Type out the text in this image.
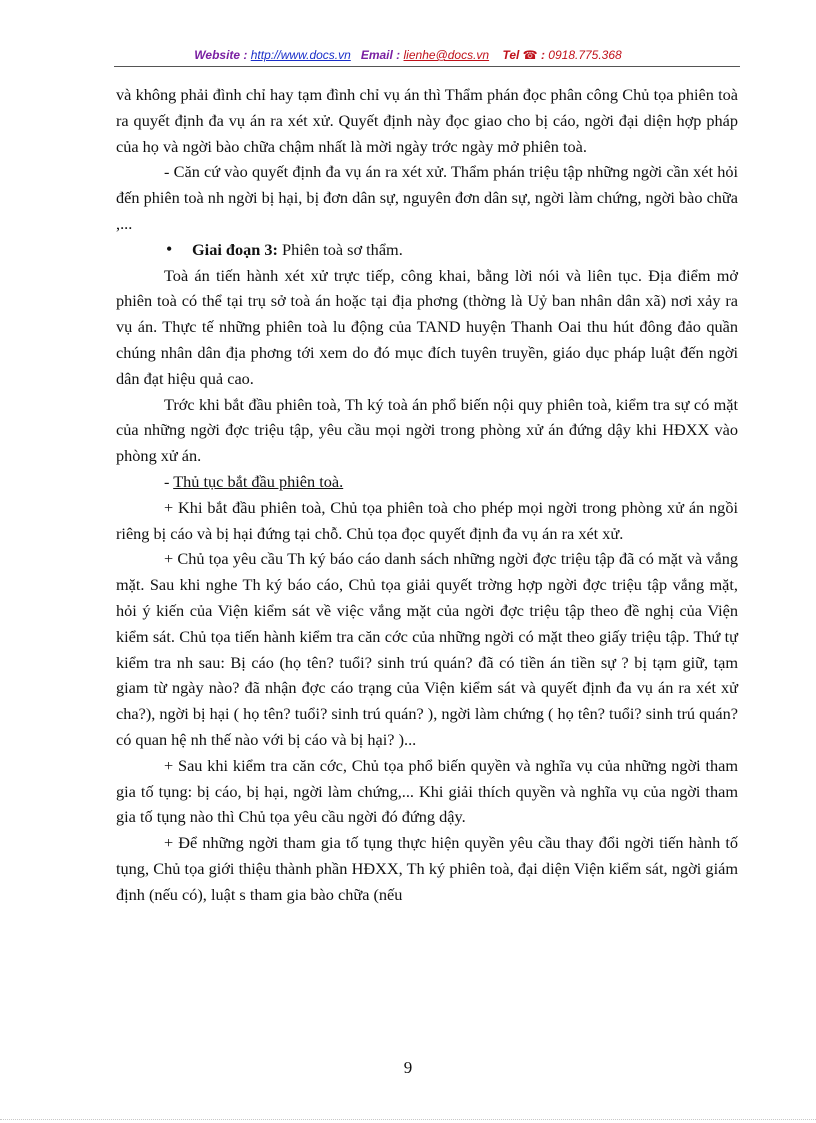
Website : http://www.docs.vn Email : lienhe@docs.vn Tel ☎ : 0918.775.368

và không phải đình chỉ hay tạm đình chỉ vụ án thì Thẩm phán đọc phân công Chủ tọa phiên toà ra quyết định đa vụ án ra xét xử. Quyết định này đọc giao cho bị cáo, ngời đại diện hợp pháp của họ và ngời bào chữa chậm nhất là mời ngày trớc ngày mở phiên toà.

- Căn cứ vào quyết định đa vụ án ra xét xử. Thẩm phán triệu tập những ngời cần xét hỏi đến phiên toà nh ngời bị hại, bị đơn dân sự, nguyên đơn dân sự, ngời làm chứng, ngời bào chữa ,...

• Giai đoạn 3: Phiên toà sơ thẩm.

Toà án tiến hành xét xử trực tiếp, công khai, bằng lời nói và liên tục. Địa điểm mở phiên toà có thể tại trụ sở toà án hoặc tại địa phơng (thờng là Uỷ ban nhân dân xã) nơi xảy ra vụ án. Thực tế những phiên toà lu động của TAND huyện Thanh Oai thu hút đông đảo quần chúng nhân dân địa phơng tới xem do đó mục đích tuyên truyền, giáo dục pháp luật đến ngời dân đạt hiệu quả cao.

Trớc khi bắt đầu phiên toà, Th ký toà án phổ biến nội quy phiên toà, kiểm tra sự có mặt của những ngời đợc triệu tập, yêu cầu mọi ngời trong phòng xử án đứng dậy khi HĐXX vào phòng xử án.

- Thủ tục bắt đầu phiên toà.

+ Khi bắt đầu phiên toà, Chủ tọa phiên toà cho phép mọi ngời trong phòng xử án ngồi riêng bị cáo và bị hại đứng tại chỗ. Chủ tọa đọc quyết định đa vụ án ra xét xử.

+ Chủ tọa yêu cầu Th ký báo cáo danh sách những ngời đợc triệu tập đã có mặt và vắng mặt. Sau khi nghe Th ký báo cáo, Chủ tọa giải quyết trờng hợp ngời đợc triệu tập vắng mặt, hỏi ý kiến của Viện kiểm sát về việc vắng mặt của ngời đợc triệu tập theo đề nghị của Viện kiểm sát. Chủ tọa tiến hành kiểm tra căn cớc của những ngời có mặt theo giấy triệu tập. Thứ tự kiểm tra nh sau: Bị cáo (họ tên? tuổi? sinh trú quán? đã có tiền án tiền sự ? bị tạm giữ, tạm giam từ ngày nào? đã nhận đợc cáo trạng của Viện kiểm sát và quyết định đa vụ án ra xét xử cha?), ngời bị hại ( họ tên? tuổi? sinh trú quán? ), ngời làm chứng ( họ tên? tuổi? sinh trú quán? có quan hệ nh thế nào với bị cáo và bị hại? )...

+ Sau khi kiểm tra căn cớc, Chủ tọa phổ biến quyền và nghĩa vụ của những ngời tham gia tố tụng: bị cáo, bị hại, ngời làm chứng,... Khi giải thích quyền và nghĩa vụ của ngời tham gia tố tụng nào thì Chủ tọa yêu cầu ngời đó đứng dậy.

+ Để những ngời tham gia tố tụng thực hiện quyền yêu cầu thay đổi ngời tiến hành tố tụng, Chủ tọa giới thiệu thành phần HĐXX, Th ký phiên toà, đại diện Viện kiểm sát, ngời giám định (nếu có), luật s tham gia bào chữa (nếu

9
